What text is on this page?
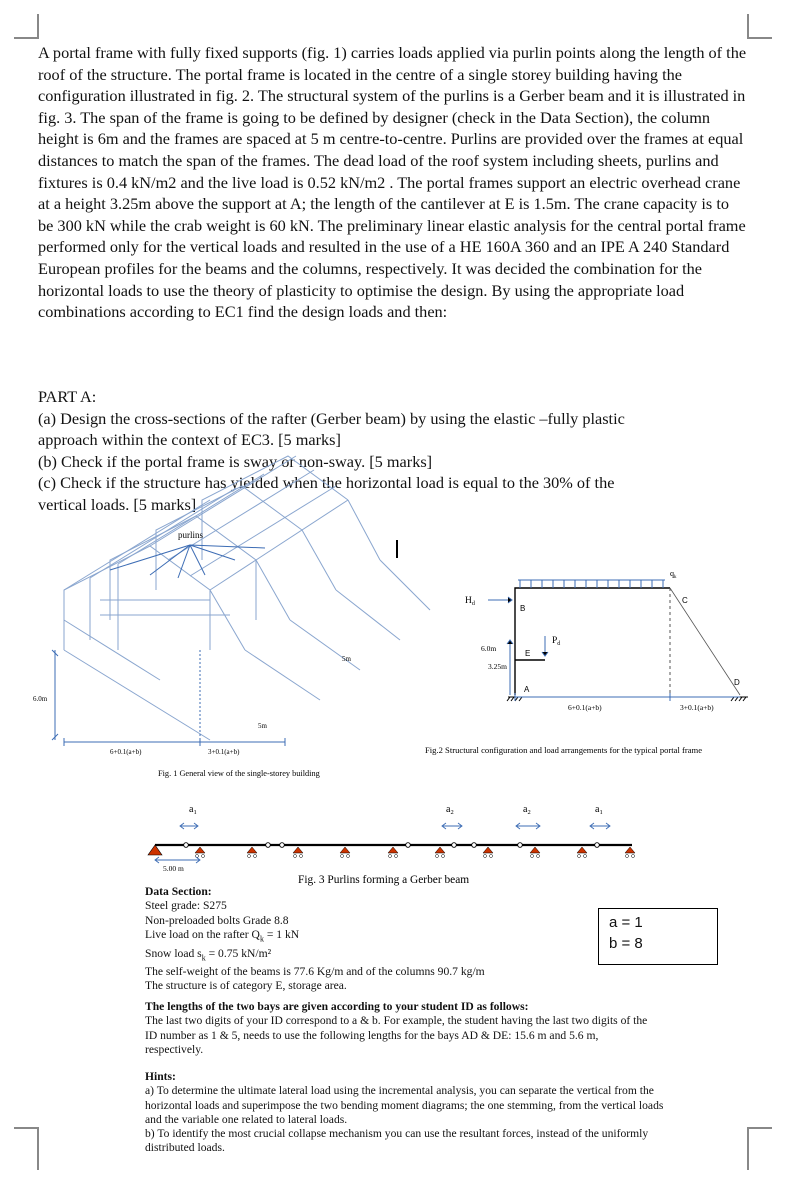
A portal frame with fully fixed supports (fig. 1) carries loads applied via purlin points along the length of the roof of the structure. The portal frame is located in the centre of a single storey building having the configuration illustrated in fig. 2. The structural system of the purlins is a Gerber beam and it is illustrated in fig. 3. The span of the frame is going to be defined by designer (check in the Data Section), the column height is 6m and the frames are spaced at 5 m centre-to-centre. Purlins are provided over the frames at equal distances to match the span of the frames. The dead load of the roof system including sheets, purlins and fixtures is 0.4 kN/m2 and the live load is 0.52 kN/m2 . The portal frames support an electric overhead crane at a height 3.25m above the support at A; the length of the cantilever at E is 1.5m. The crane capacity is to be 300 kN while the crab weight is 60 kN. The preliminary linear elastic analysis for the central portal frame performed only for the vertical loads and resulted in the use of a HE 160A 360 and an IPE A 240 Standard European profiles for the beams and the columns, respectively. It was decided the combination for the horizontal loads to use the theory of plasticity to optimise the design. By using the appropriate load combinations according to EC1 find the design loads and then:

PART A:
(a) Design the cross-sections of the rafter (Gerber beam) by using the elastic –fully plastic
approach within the context of EC3. [5 marks]
(b) Check if the portal frame is sway or non-sway. [5 marks]
(c) Check if the structure has yielded when the horizontal load is equal to the 30% of the
vertical loads. [5 marks]
purlins
6.0m
5m
5m
6+0.1(a+b)	3+0.1(a+b)
Fig. 1 General view of the single-storey building
$H_d$
$q_k$
B
C
$P_d$
E
A
D
6.0m
3.25m
6+0.1(a+b)	3+0.1(a+b)
Fig.2 Structural configuration and load arrangements for the typical portal frame
$a_1$	$a_2$	$a_2$	$a_1$
5.00 m
Fig. 3 Purlins forming a Gerber beam
Data Section:
Steel grade: S275
Non-preloaded bolts Grade 8.8
Live load on the rafter $Q_k = 1$ kN
Snow load $s_k = 0.75$ kN/m²
The self-weight of the beams is 77.6 Kg/m and of the columns 90.7 kg/m
The structure is of category E, storage area.
a = 1
b = 8
The lengths of the two bays are given according to your student ID as follows:
The last two digits of your ID correspond to a & b. For example, the student having the last two digits of the ID number as 1 & 5, needs to use the following lengths for the bays AD & DE: 15.6 m and 5.6 m, respectively.
Hints:
a) To determine the ultimate lateral load using the incremental analysis, you can separate the vertical from the horizontal loads and superimpose the two bending moment diagrams; the one stemming, from the vertical loads and the variable one related to lateral loads.
b) To identify the most crucial collapse mechanism you can use the resultant forces, instead of the uniformly distributed loads.
